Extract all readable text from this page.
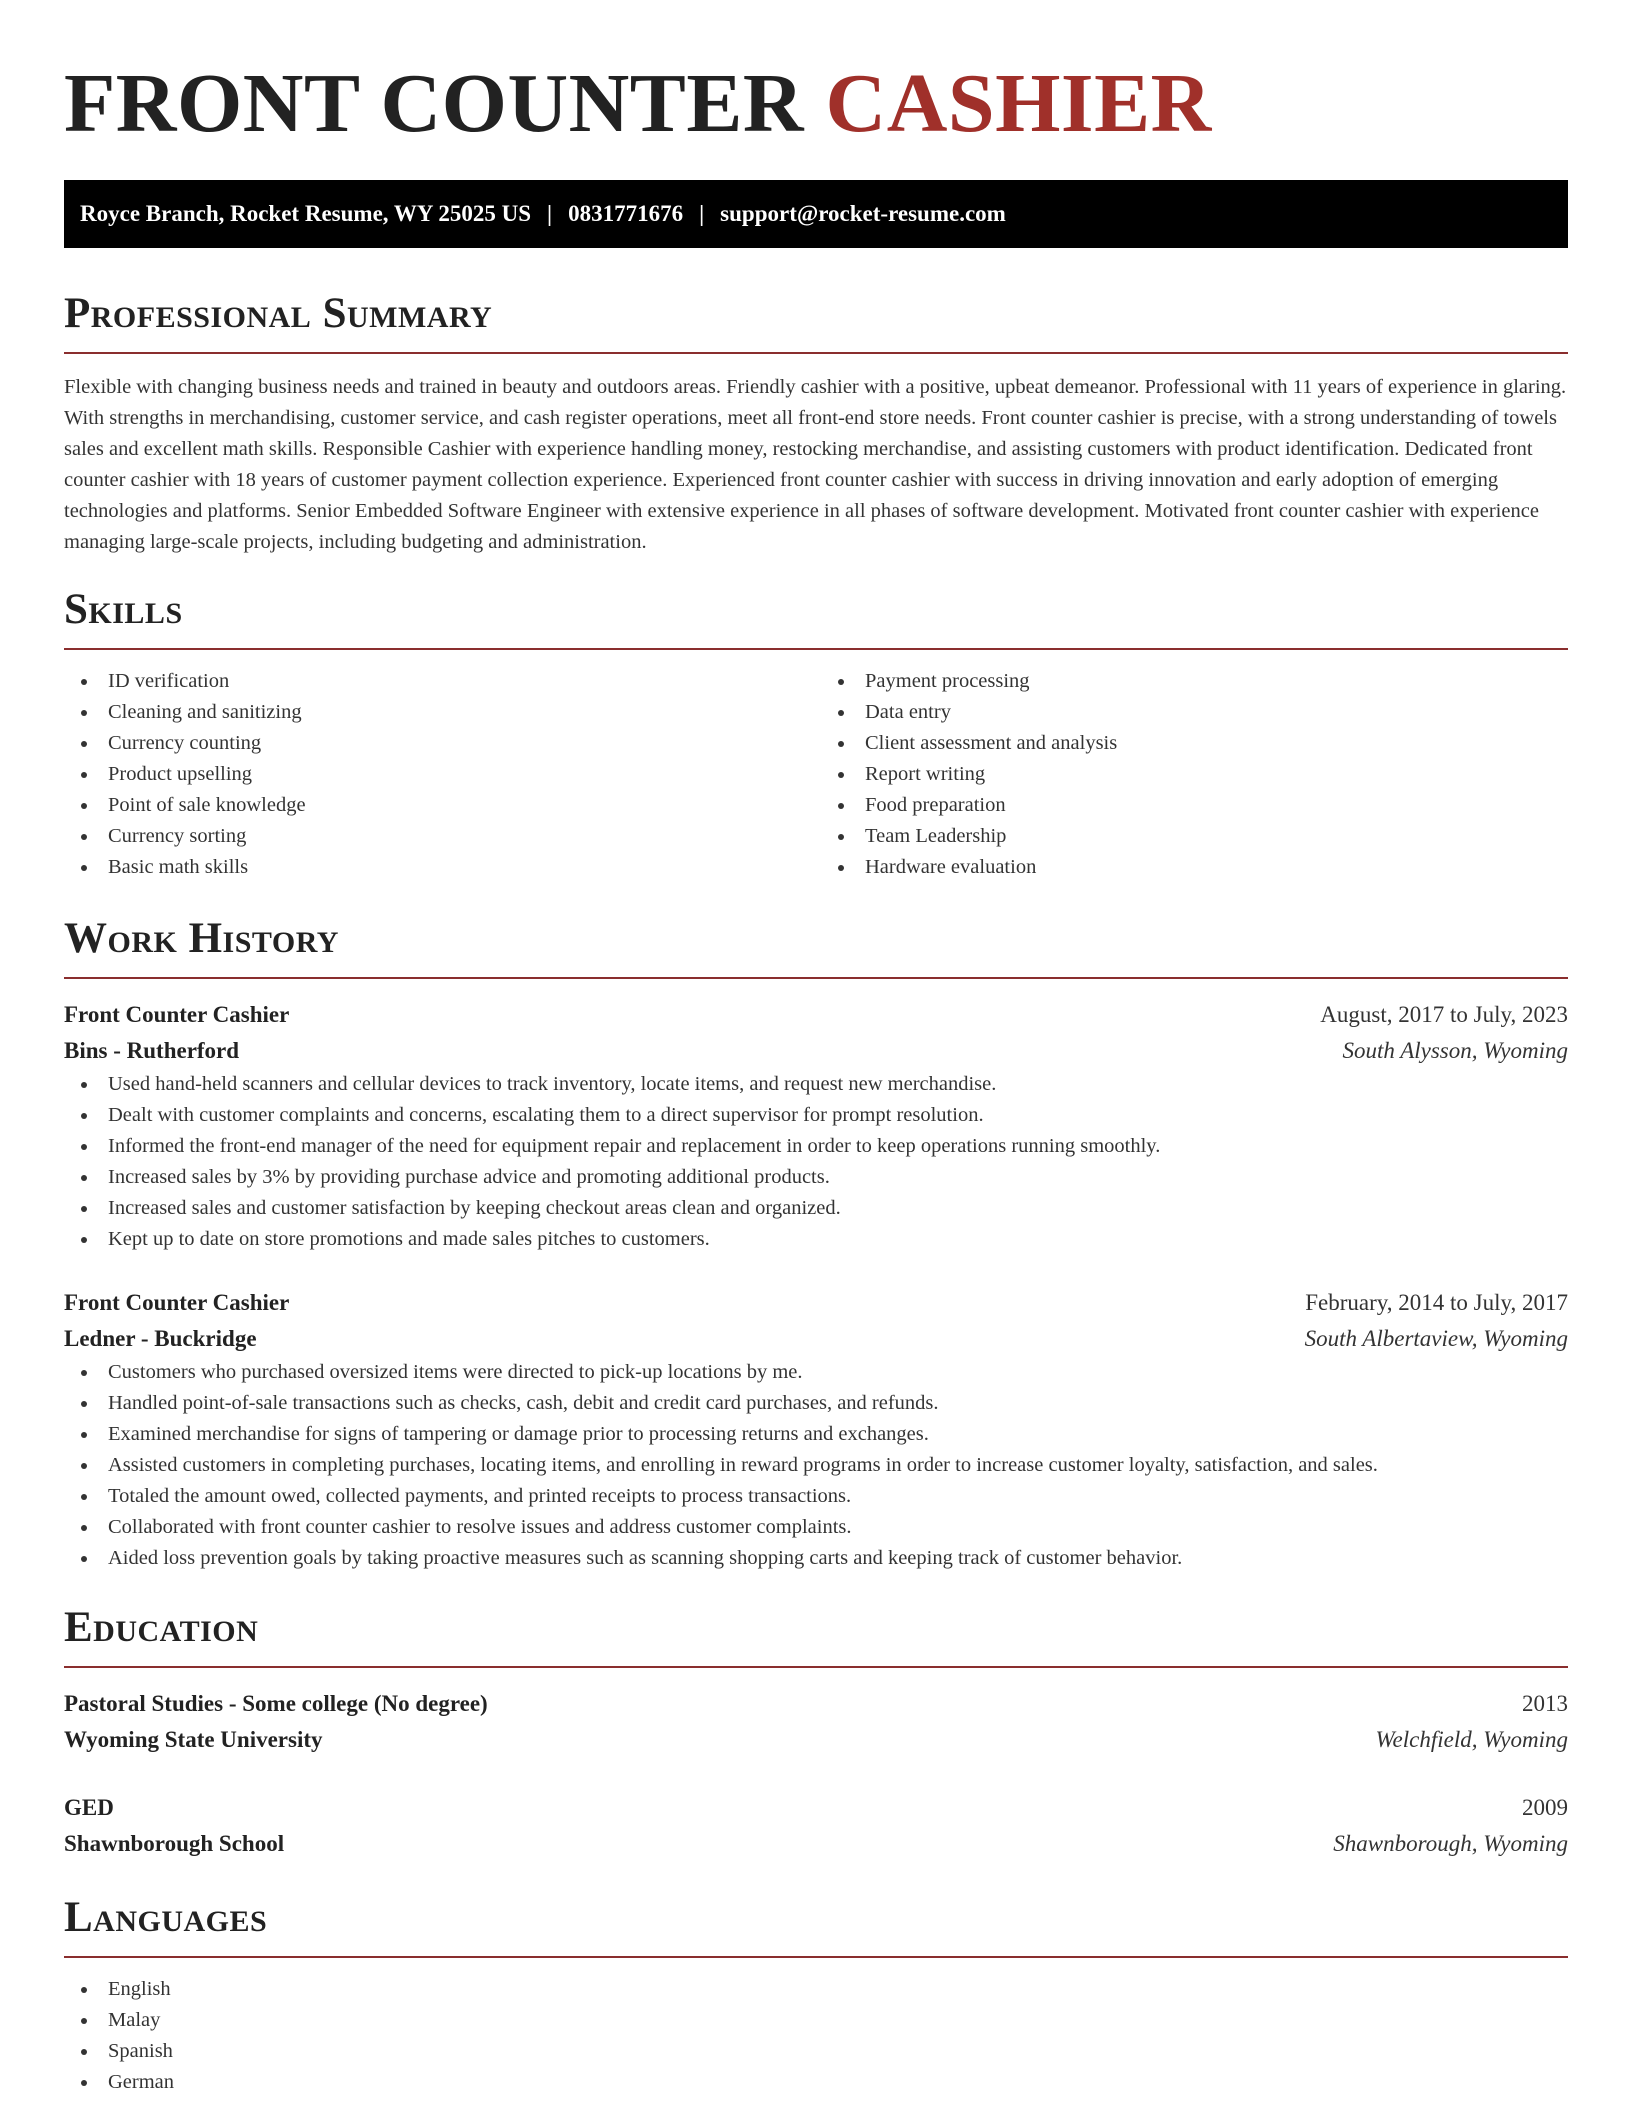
FRONT COUNTER CASHIER
Royce Branch, Rocket Resume, WY 25025 US | 0831771676 | support@rocket-resume.com
Professional Summary

Flexible with changing business needs and trained in beauty and outdoors areas. Friendly cashier with a positive, upbeat demeanor. Professional with 11 years of experience in glaring. With strengths in merchandising, customer service, and cash register operations, meet all front-end store needs. Front counter cashier is precise, with a strong understanding of towels sales and excellent math skills. Responsible Cashier with experience handling money, restocking merchandise, and assisting customers with product identification. Dedicated front counter cashier with 18 years of customer payment collection experience. Experienced front counter cashier with success in driving innovation and early adoption of emerging technologies and platforms. Senior Embedded Software Engineer with extensive experience in all phases of software development. Motivated front counter cashier with experience managing large-scale projects, including budgeting and administration.

Skills
ID verification
Cleaning and sanitizing
Currency counting
Product upselling
Point of sale knowledge
Currency sorting
Basic math skills
Payment processing
Data entry
Client assessment and analysis
Report writing
Food preparation
Team Leadership
Hardware evaluation
Work History
Front Counter Cashier	August, 2017 to July, 2023
Bins - Rutherford	South Alysson, Wyoming
Used hand-held scanners and cellular devices to track inventory, locate items, and request new merchandise.
Dealt with customer complaints and concerns, escalating them to a direct supervisor for prompt resolution.
Informed the front-end manager of the need for equipment repair and replacement in order to keep operations running smoothly.
Increased sales by 3% by providing purchase advice and promoting additional products.
Increased sales and customer satisfaction by keeping checkout areas clean and organized.
Kept up to date on store promotions and made sales pitches to customers.
Front Counter Cashier	February, 2014 to July, 2017
Ledner - Buckridge	South Albertaview, Wyoming
Customers who purchased oversized items were directed to pick-up locations by me.
Handled point-of-sale transactions such as checks, cash, debit and credit card purchases, and refunds.
Examined merchandise for signs of tampering or damage prior to processing returns and exchanges.
Assisted customers in completing purchases, locating items, and enrolling in reward programs in order to increase customer loyalty, satisfaction, and sales.
Totaled the amount owed, collected payments, and printed receipts to process transactions.
Collaborated with front counter cashier to resolve issues and address customer complaints.
Aided loss prevention goals by taking proactive measures such as scanning shopping carts and keeping track of customer behavior.
Education
Pastoral Studies - Some college (No degree)	2013
Wyoming State University	Welchfield, Wyoming
GED	2009
Shawnborough School	Shawnborough, Wyoming
Languages
English
Malay
Spanish
German
